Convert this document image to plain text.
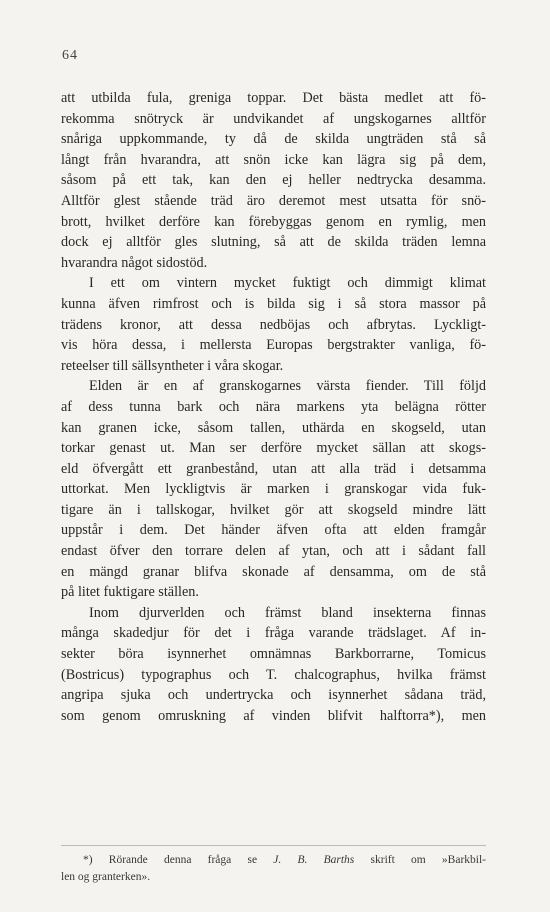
64
att utbilda fula, greniga toppar. Det bästa medlet att fö-
rekomma snötryck är undvikandet af ungskogarnes alltför
snåriga uppkommande, ty då de skilda ungträden stå så
långt från hvarandra, att snön icke kan lägra sig på dem,
såsom på ett tak, kan den ej heller nedtrycka desamma.
Alltför glest stående träd äro deremot mest utsatta för snö-
brott, hvilket derföre kan förebyggas genom en rymlig, men
dock ej alltför gles slutning, så att de skilda träden lemna
hvarandra något sidostöd.
I ett om vintern mycket fuktigt och dimmigt klimat
kunna äfven rimfrost och is bilda sig i så stora massor på
trädens kronor, att dessa nedböjas och afbrytas. Lyckligt-
vis höra dessa, i mellersta Europas bergstrakter vanliga, fö-
reteelser till sällsyntheter i våra skogar.
Elden är en af granskogarnes värsta fiender. Till följd
af dess tunna bark och nära markens yta belägna rötter
kan granen icke, såsom tallen, uthärda en skogseld, utan
torkar genast ut. Man ser derföre mycket sällan att skogs-
eld öfvergått ett granbestånd, utan att alla träd i detsamma
uttorkat. Men lyckligtvis är marken i granskogar vida fuk-
tigare än i tallskogar, hvilket gör att skogseld mindre lätt
uppstår i dem. Det händer äfven ofta att elden framgår
endast öfver den torrare delen af ytan, och att i sådant fall
en mängd granar blifva skonade af densamma, om de stå
på litet fuktigare ställen.
Inom djurverlden och främst bland insekterna finnas
många skadedjur för det i fråga varande trädslaget. Af in-
sekter böra isynnerhet omnämnas Barkborrarne, Tomicus
(Bostricus) typographus och T. chalcographus, hvilka främst
angripa sjuka och undertrycka och isynnerhet sådana träd,
som genom omruskning af vinden blifvit halftorra*), men
*) Rörande denna fråga se J. B. Barths skrift om »Barkbil-
len og granterken».
